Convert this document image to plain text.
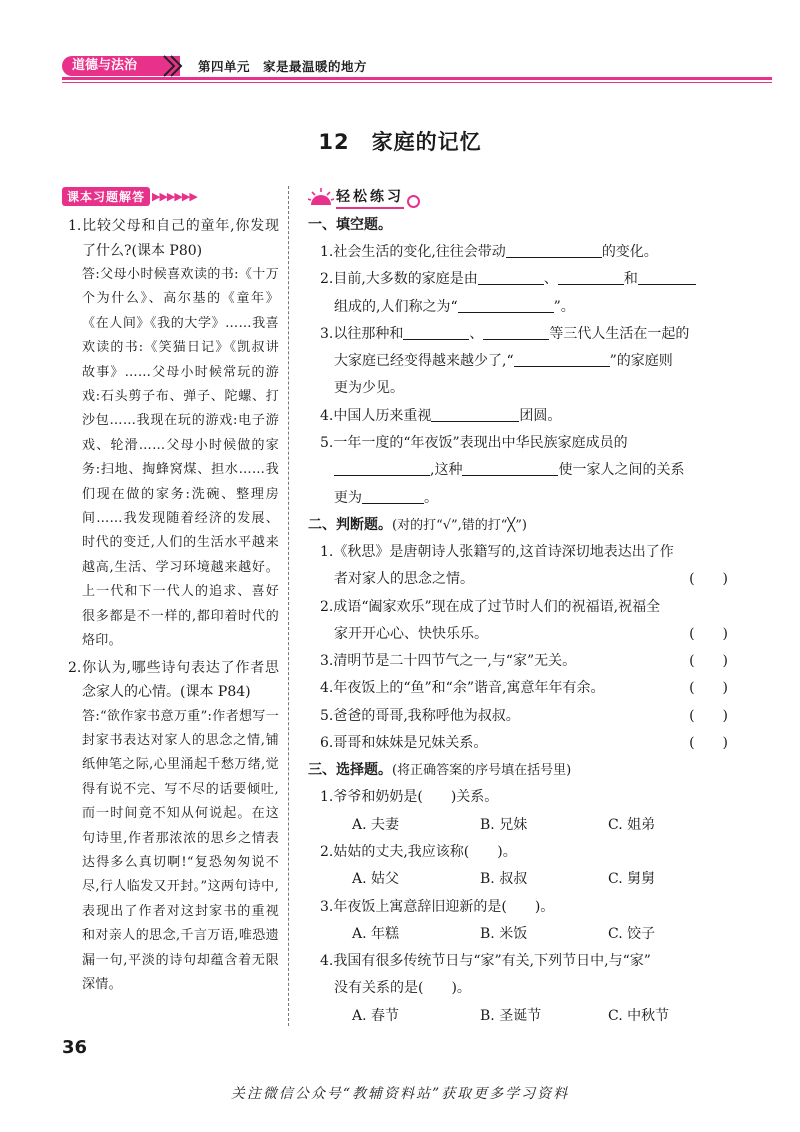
道德与法治	第四单元　家是最温暖的地方
12　家庭的记忆
课本习题解答 ▶▶▶▶▶▶
1.比较父母和自己的童年,你发现了什么?(课本 P80)
答:父母小时候喜欢读的书:《十万个为什么》、高尔基的《童年》《在人间》《我的大学》……我喜欢读的书:《笑猫日记》《凯叔讲故事》……父母小时候常玩的游戏:石头剪子布、弹子、陀螺、打沙包……我现在玩的游戏:电子游戏、轮滑……父母小时候做的家务:扫地、掏蜂窝煤、担水……我们现在做的家务:洗碗、整理房间……我发现随着经济的发展、时代的变迁,人们的生活水平越来越高,生活、学习环境越来越好。上一代和下一代人的追求、喜好很多都是不一样的,都印着时代的烙印。
2.你认为,哪些诗句表达了作者思念家人的心情。(课本 P84)
答:“欲作家书意万重”:作者想写一封家书表达对家人的思念之情,铺纸伸笔之际,心里涌起千愁万绪,觉得有说不完、写不尽的话要倾吐,而一时间竟不知从何说起。在这句诗里,作者那浓浓的思乡之情表达得多么真切啊!“复恐匆匆说不尽,行人临发又开封。”这两句诗中,表现出了作者对这封家书的重视和对亲人的思念,千言万语,唯恐遗漏一句,平淡的诗句却蕴含着无限深情。
轻松练习
一、填空题。
1.社会生活的变化,往往会带动	的变化。
2.目前,大多数的家庭是由	、	和
组成的,人们称之为“	”。
3.以往那种和	、	等三代人生活在一起的
大家庭已经变得越来越少了,“	”的家庭则
更为少见。
4.中国人历来重视	团圆。
5.一年一度的“年夜饭”表现出中华民族家庭成员的
,这种	使一家人之间的关系
更为	。
二、判断题。(对的打“√”,错的打“╳”)
1.《秋思》是唐朝诗人张籍写的,这首诗深切地表达出了作
者对家人的思念之情。	(　　)
2.成语“阖家欢乐”现在成了过节时人们的祝福语,祝福全
家开开心心、快快乐乐。	(　　)
3.清明节是二十四节气之一,与“家”无关。	(　　)
4.年夜饭上的“鱼”和“余”谐音,寓意年年有余。	(　　)
5.爸爸的哥哥,我称呼他为叔叔。	(　　)
6.哥哥和妹妹是兄妹关系。	(　　)
三、选择题。(将正确答案的序号填在括号里)
1.爷爷和奶奶是(　　)关系。
A. 夫妻	B. 兄妹	C. 姐弟
2.姑姑的丈夫,我应该称(　　)。
A. 姑父	B. 叔叔	C. 舅舅
3.年夜饭上寓意辞旧迎新的是(　　)。
A. 年糕	B. 米饭	C. 饺子
4.我国有很多传统节日与“家”有关,下列节日中,与“家”
没有关系的是(　　)。
A. 春节	B. 圣诞节	C. 中秋节
36
关注微信公众号“教辅资料站”获取更多学习资料
